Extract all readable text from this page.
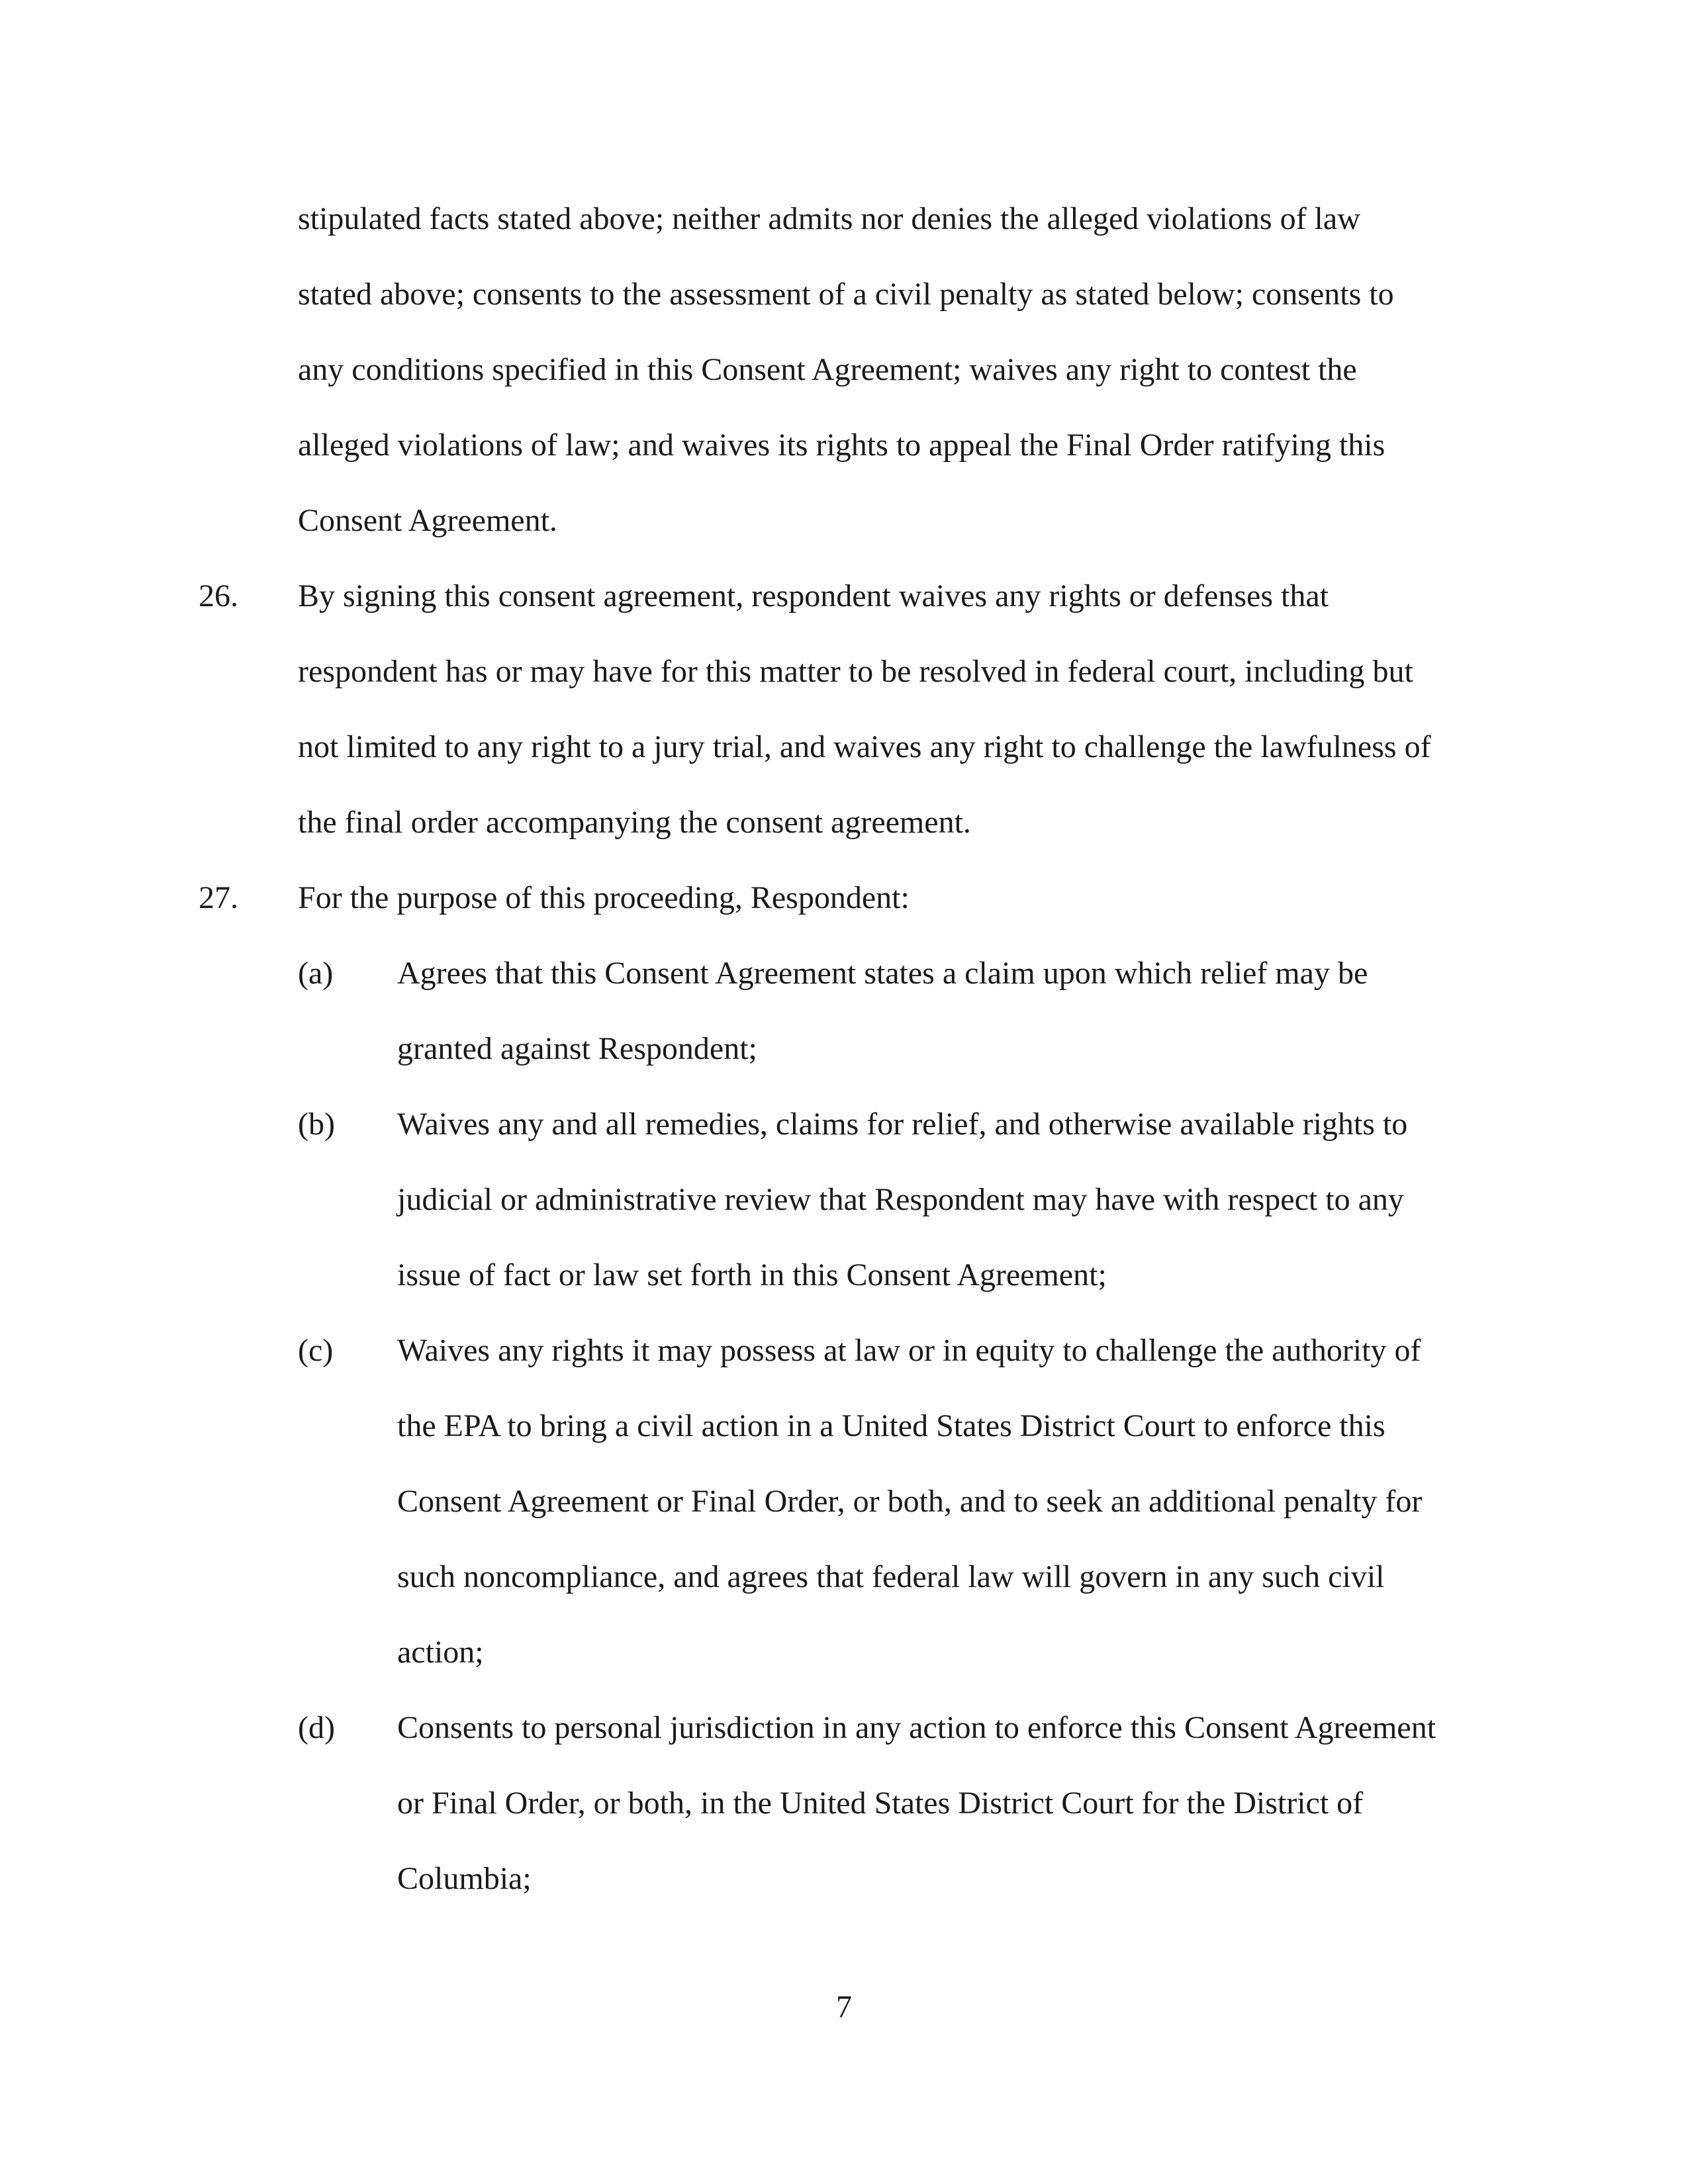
stipulated facts stated above; neither admits nor denies the alleged violations of law
stated above; consents to the assessment of a civil penalty as stated below; consents to
any conditions specified in this Consent Agreement; waives any right to contest the
alleged violations of law; and waives its rights to appeal the Final Order ratifying this
Consent Agreement.
26. By signing this consent agreement, respondent waives any rights or defenses that
respondent has or may have for this matter to be resolved in federal court, including but
not limited to any right to a jury trial, and waives any right to challenge the lawfulness of
the final order accompanying the consent agreement.
27. For the purpose of this proceeding, Respondent:
(a) Agrees that this Consent Agreement states a claim upon which relief may be
granted against Respondent;
(b) Waives any and all remedies, claims for relief, and otherwise available rights to
judicial or administrative review that Respondent may have with respect to any
issue of fact or law set forth in this Consent Agreement;
(c) Waives any rights it may possess at law or in equity to challenge the authority of
the EPA to bring a civil action in a United States District Court to enforce this
Consent Agreement or Final Order, or both, and to seek an additional penalty for
such noncompliance, and agrees that federal law will govern in any such civil
action;
(d) Consents to personal jurisdiction in any action to enforce this Consent Agreement
or Final Order, or both, in the United States District Court for the District of
Columbia;
7
